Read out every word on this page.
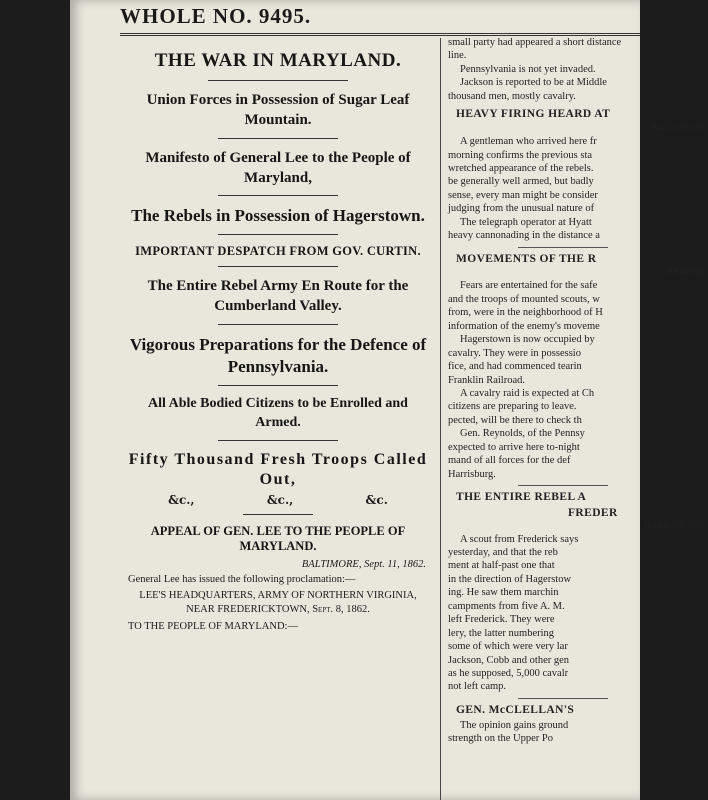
WHOLE NO. 9495.
THE WAR IN MARYLAND.
Union Forces in Possession of Sugar Leaf Mountain.
Manifesto of General Lee to the People of Maryland,
The Rebels in Possession of Hagerstown.
IMPORTANT DESPATCH FROM GOV. CURTIN.
The Entire Rebel Army En Route for the Cumberland Valley.
Vigorous Preparations for the Defence of Pennsylvania.
All Able Bodied Citizens to be Enrolled and Armed.
Fifty Thousand Fresh Troops Called Out,
&c.,	&c.,	&c.
APPEAL OF GEN. LEE TO THE PEOPLE OF MARYLAND.
BALTIMORE, Sept. 11, 1862.
General Lee has issued the following proclamation:—
LEE'S HEADQUARTERS, ARMY OF NORTHERN VIRGINIA,
NEAR FREDERICKTOWN, Sept. 8, 1862.
TO THE PEOPLE OF MARYLAND:—

small party had appeared a short distance

line.

Pennsylvania is not yet invaded.

Jackson is reported to be at Middle

thousand men, mostly cavalry.

HEAVY FIRING HEARD AT

BALTIMORE

A gentleman who arrived here fr

morning confirms the previous sta

wretched appearance of the rebels.

be generally well armed, but badly

sense, every man might be consider

judging from the unusual nature of

The telegraph operator at Hyatt

heavy cannonading in the distance a

MOVEMENTS OF THE R

HARRISB

Fears are entertained for the safe

and the troops of mounted scouts, w

from, were in the neighborhood of H

information of the enemy's moveme

Hagerstown is now occupied by

cavalry. They were in possessio

fice, and had commenced tearin

Franklin Railroad.

A cavalry raid is expected at Ch

citizens are preparing to leave.

pected, will be there to check th

Gen. Reynolds, of the Pennsy

expected to arrive here to-night

mand of all forces for the def

Harrisburg.

THE ENTIRE REBEL A

FREDER

HARRISBURG,

A scout from Frederick says

yesterday, and that the reb

ment at half-past one that

in the direction of Hagerstow

ing. He saw them marchin

campments from five A. M.

left Frederick. They were

lery, the latter numbering

some of which were very lar

Jackson, Cobb and other gen

as he supposed, 5,000 cavalr

not left camp.

GEN. McCLELLAN'S

The opinion gains ground

strength on the Upper Po
